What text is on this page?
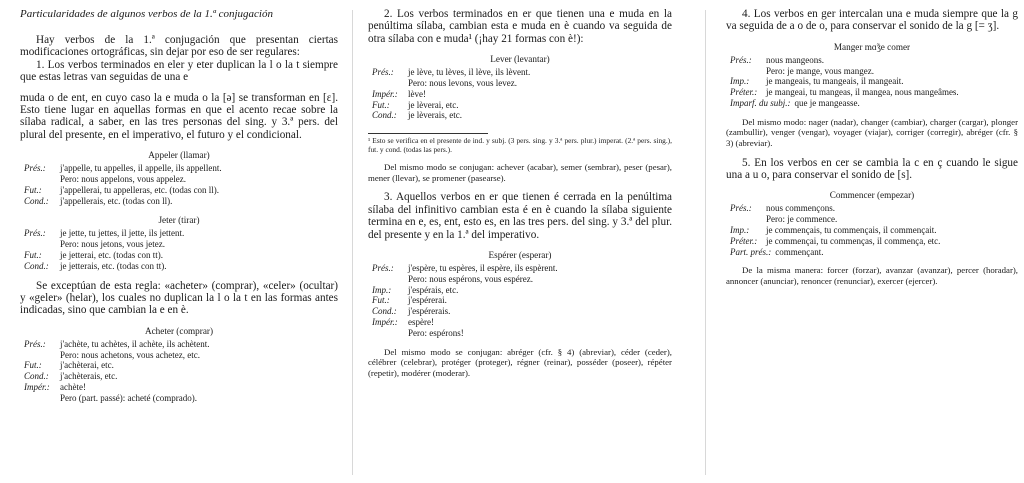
Particularidades de algunos verbos de la 1.ª conjugación

Hay verbos de la 1.ª conjugación que presentan ciertas modificaciones ortográficas, sin dejar por eso de ser regulares:

1. Los verbos terminados en eler y eter duplican la l o la t siempre que estas letras van seguidas de una e

muda o de ent, en cuyo caso la e muda o la [ə] se transforman en [ɛ]. Esto tiene lugar en aquellas formas en que el acento recae sobre la sílaba radical, a saber, en las tres personas del sing. y 3.ª pers. del plural del presente, en el imperativo, el futuro y el condicional.

Appeler (llamar)
Prés.:	j'appelle, tu appelles, il appelle, ils appellent.
Pero: nous appelons, vous appelez.
Fut.:	j'appellerai, tu appelleras, etc. (todas con ll).
Cond.:	j'appellerais, etc. (todas con ll).
Jeter (tirar)
Prés.:	je jette, tu jettes, il jette, ils jettent.
Pero: nous jetons, vous jetez.
Fut.:	je jetterai, etc. (todas con tt).
Cond.:	je jetterais, etc. (todas con tt).

Se exceptúan de esta regla: «acheter» (comprar), «celer» (ocultar) y «geler» (helar), los cuales no duplican la l o la t en las formas antes indicadas, sino que cambian la e en è.

Acheter (comprar)
Prés.:	j'achète, tu achètes, il achète, ils achètent.
Pero: nous achetons, vous achetez, etc.
Fut.:	j'achèterai, etc.
Cond.:	j'achèterais, etc.
Impér.:	achète!
Pero (part. passé): acheté (comprado).

2. Los verbos terminados en er que tienen una e muda en la penúltima sílaba, cambian esta e muda en è cuando va seguida de otra sílaba con e muda¹ (¡hay 21 formas con è!):

Lever (levantar)
Prés.:	je lève, tu lèves, il lève, ils lèvent.
Pero: nous levons, vous levez.
Impér.:	lève!
Fut.:	je lèverai, etc.
Cond.:	je lèverais, etc.

¹ Esto se verifica en el presente de ind. y subj. (3 pers. sing. y 3.ª pers. plur.) imperat. (2.ª pers. sing.), fut. y cond. (todas las pers.).

Del mismo modo se conjugan: achever (acabar), semer (sembrar), peser (pesar), mener (llevar), se promener (pasearse).

3. Aquellos verbos en er que tienen é cerrada en la penúltima sílaba del infinitivo cambian esta é en è cuando la sílaba siguiente termina en e, es, ent, esto es, en las tres pers. del sing. y 3.ª del plur. del presente y en la 1.ª del imperativo.

Espérer (esperar)
Prés.:	j'espère, tu espères, il espère, ils espèrent.
Pero: nous espérons, vous espérez.
Imp.:	j'espérais, etc.
Fut.:	j'espérerai.
Cond.:	j'espérerais.
Impér.:	espère!
Pero: espérons!

Del mismo modo se conjugan: abréger (cfr. § 4) (abreviar), céder (ceder), célébrer (celebrar), protéger (proteger), régner (reinar), posséder (poseer), répéter (repetir), modérer (moderar).

4. Los verbos en ger intercalan una e muda siempre que la g va seguida de a o de o, para conservar el sonido de la g [= ʒ].

Manger mɑ̃ʒe comer
Prés.:	nous mangeons.
Pero: je mange, vous mangez.
Imp.:	je mangeais, tu mangeais, il mangeait.
Préter.: je mangeai, tu mangeas, il mangea, nous mangeâmes.
Imparf. du subj.: que je mangeasse.

Del mismo modo: nager (nadar), changer (cambiar), charger (cargar), plonger (zambullir), venger (vengar), voyager (viajar), corriger (corregir), abréger (cfr. § 3) (abreviar).

5. En los verbos en cer se cambia la c en ç cuando le sigue una a u o, para conservar el sonido de [s].

Commencer (empezar)
Prés.:	nous commençons.
Pero: je commence.
Imp.:	je commençais, tu commençais, il commençait.
Préter.: je commençai, tu commenças, il commença, etc.
Part. prés.: commençant.

De la misma manera: forcer (forzar), avanzar (avanzar), percer (horadar), annoncer (anunciar), renoncer (renunciar), exercer (ejercer).
